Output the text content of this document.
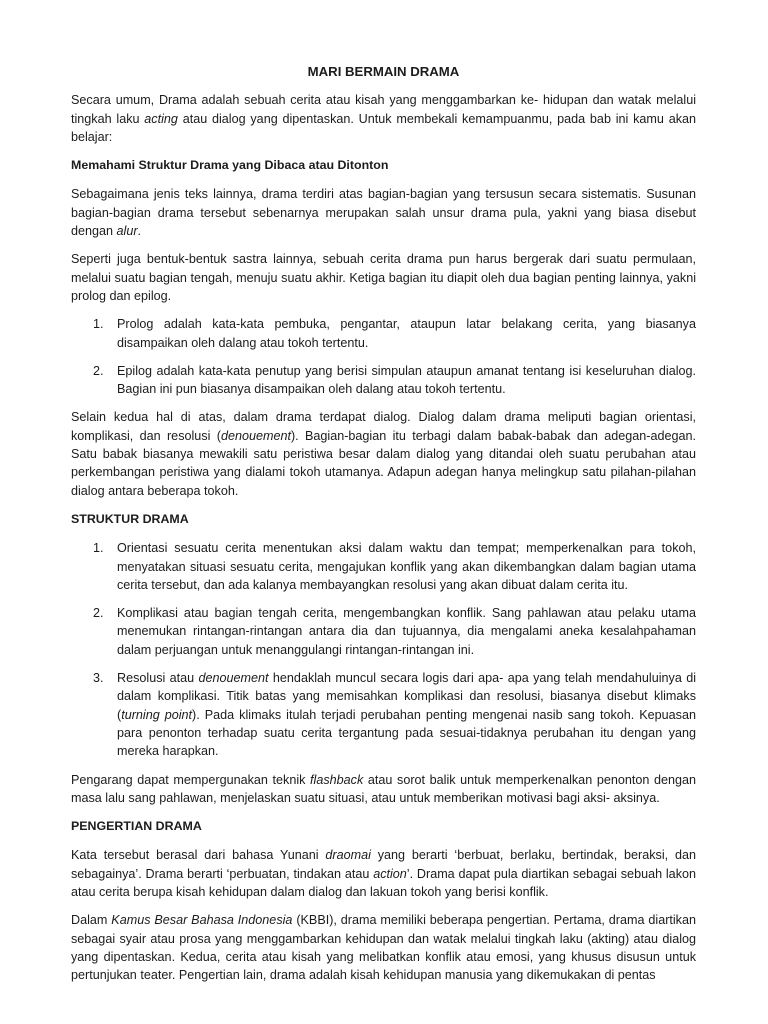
MARI BERMAIN DRAMA

Secara umum, Drama adalah sebuah cerita atau kisah yang menggambarkan ke- hidupan dan watak melalui tingkah laku acting atau dialog yang dipentaskan. Untuk membekali kemampuanmu, pada bab ini kamu akan belajar:

Memahami Struktur Drama yang Dibaca atau Ditonton

Sebagaimana jenis teks lainnya, drama terdiri atas bagian-bagian yang tersusun secara sistematis. Susunan bagian-bagian drama tersebut sebenarnya merupakan salah unsur drama pula, yakni yang biasa disebut dengan alur.

Seperti juga bentuk-bentuk sastra lainnya, sebuah cerita drama pun harus bergerak dari suatu permulaan, melalui suatu bagian tengah, menuju suatu akhir. Ketiga bagian itu diapit oleh dua bagian penting lainnya, yakni prolog dan epilog.

1. Prolog adalah kata-kata pembuka, pengantar, ataupun latar belakang cerita, yang biasanya disampaikan oleh dalang atau tokoh tertentu.
2. Epilog adalah kata-kata penutup yang berisi simpulan ataupun amanat tentang isi keseluruhan dialog. Bagian ini pun biasanya disampaikan oleh dalang atau tokoh tertentu.

Selain kedua hal di atas, dalam drama terdapat dialog. Dialog dalam drama meliputi bagian orientasi, komplikasi, dan resolusi (denouement). Bagian-bagian itu terbagi dalam babak-babak dan adegan-adegan. Satu babak biasanya mewakili satu peristiwa besar dalam dialog yang ditandai oleh suatu perubahan atau perkembangan peristiwa yang dialami tokoh utamanya. Adapun adegan hanya melingkup satu pilahan-pilahan dialog antara beberapa tokoh.

STRUKTUR DRAMA
1. Orientasi sesuatu cerita menentukan aksi dalam waktu dan tempat; memperkenalkan para tokoh, menyatakan situasi sesuatu cerita, mengajukan konflik yang akan dikembangkan dalam bagian utama cerita tersebut, dan ada kalanya membayangkan resolusi yang akan dibuat dalam cerita itu.
2. Komplikasi atau bagian tengah cerita, mengembangkan konflik. Sang pahlawan atau pelaku utama menemukan rintangan-rintangan antara dia dan tujuannya, dia mengalami aneka kesalahpahaman dalam perjuangan untuk menanggulangi rintangan-rintangan ini.
3. Resolusi atau denouement hendaklah muncul secara logis dari apa- apa yang telah mendahuluinya di dalam komplikasi. Titik batas yang memisahkan komplikasi dan resolusi, biasanya disebut klimaks (turning point). Pada klimaks itulah terjadi perubahan penting mengenai nasib sang tokoh. Kepuasan para penonton terhadap suatu cerita tergantung pada sesuai-tidaknya perubahan itu dengan yang mereka harapkan.

Pengarang dapat mempergunakan teknik flashback atau sorot balik untuk memperkenalkan penonton dengan masa lalu sang pahlawan, menjelaskan suatu situasi, atau untuk memberikan motivasi bagi aksi- aksinya.

PENGERTIAN DRAMA

Kata tersebut berasal dari bahasa Yunani draomai yang berarti ‘berbuat, berlaku, bertindak, beraksi, dan sebagainya’. Drama berarti ‘perbuatan, tindakan atau action’. Drama dapat pula diartikan sebagai sebuah lakon atau cerita berupa kisah kehidupan dalam dialog dan lakuan tokoh yang berisi konflik.

Dalam Kamus Besar Bahasa Indonesia (KBBI), drama memiliki beberapa pengertian. Pertama, drama diartikan sebagai syair atau prosa yang menggambarkan kehidupan dan watak melalui tingkah laku (akting) atau dialog yang dipentaskan. Kedua, cerita atau kisah yang melibatkan konflik atau emosi, yang khusus disusun untuk pertunjukan teater. Pengertian lain, drama adalah kisah kehidupan manusia yang dikemukakan di pentas
